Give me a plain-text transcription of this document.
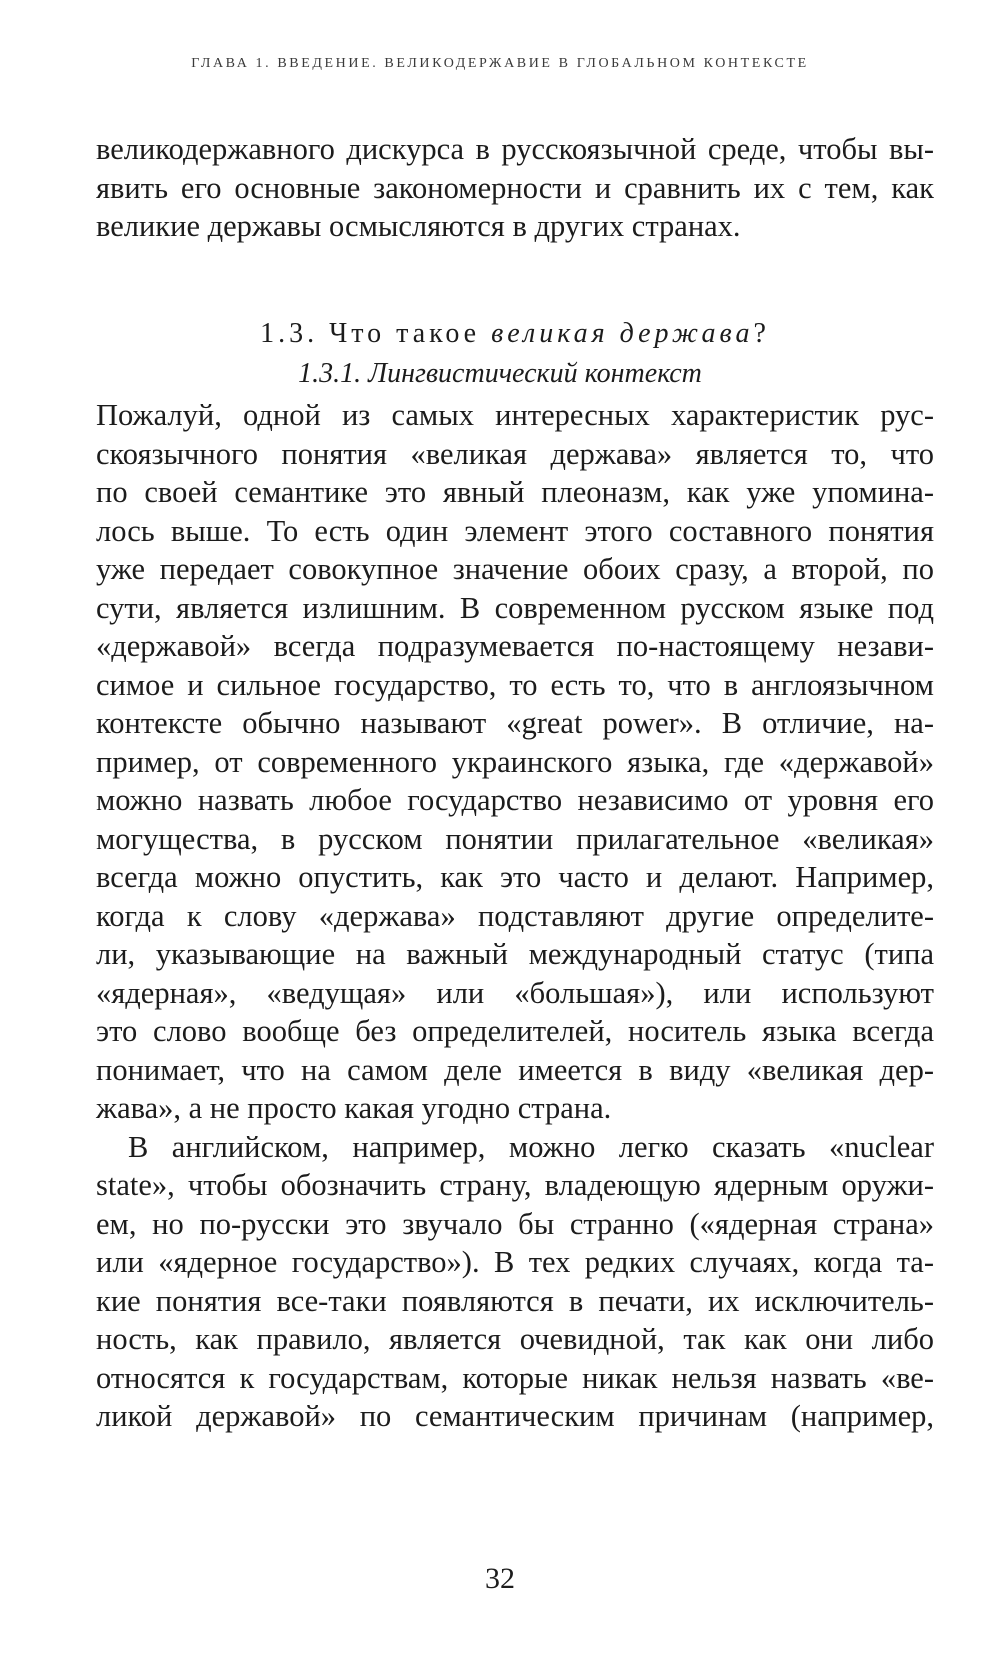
ГЛАВА 1. ВВЕДЕНИЕ. ВЕЛИКОДЕРЖАВИЕ В ГЛОБАЛЬНОМ КОНТЕКСТЕ
великодержавного дискурса в русскоязычной среде, чтобы вы-
явить его основные закономерности и сравнить их с тем, как
великие державы осмысляются в других странах.
1.3. Что такое великая держава?
1.3.1. Лингвистический контекст
Пожалуй, одной из самых интересных характеристик рус-
скоязычного понятия «великая держава» является то, что
по своей семантике это явный плеоназм, как уже упомина-
лось выше. То есть один элемент этого составного понятия
уже передает совокупное значение обоих сразу, а второй, по
сути, является излишним. В современном русском языке под
«державой» всегда подразумевается по-настоящему незави-
симое и сильное государство, то есть то, что в англоязычном
контексте обычно называют «great power». В отличие, на-
пример, от современного украинского языка, где «державой»
можно назвать любое государство независимо от уровня его
могущества, в русском понятии прилагательное «великая»
всегда можно опустить, как это часто и делают. Например,
когда к слову «держава» подставляют другие определите-
ли, указывающие на важный международный статус (типа
«ядерная», «ведущая» или «большая»), или используют
это слово вообще без определителей, носитель языка всегда
понимает, что на самом деле имеется в виду «великая дер-
жава», а не просто какая угодно страна.
В английском, например, можно легко сказать «nuclear
state», чтобы обозначить страну, владеющую ядерным оружи-
ем, но по-русски это звучало бы странно («ядерная страна»
или «ядерное государство»). В тех редких случаях, когда та-
кие понятия все-таки появляются в печати, их исключитель-
ность, как правило, является очевидной, так как они либо
относятся к государствам, которые никак нельзя назвать «ве-
ликой державой» по семантическим причинам (например,
32
